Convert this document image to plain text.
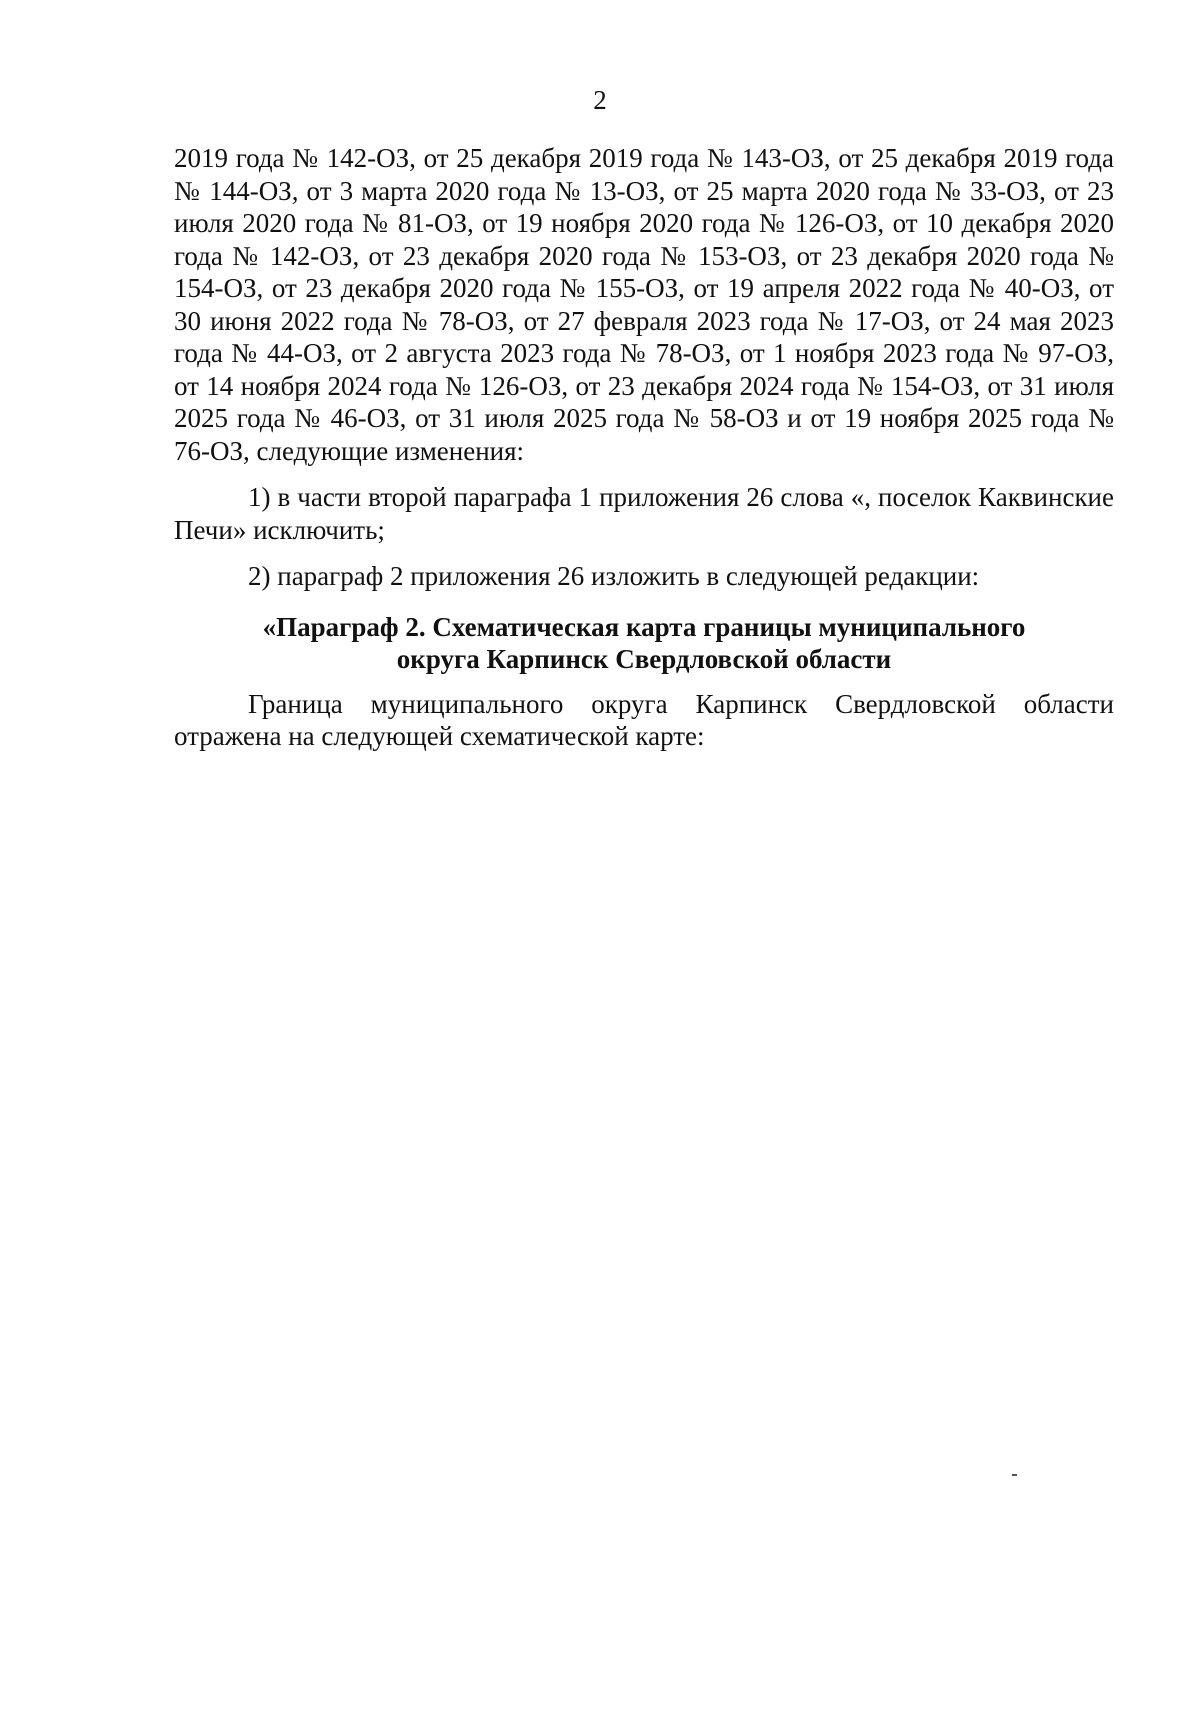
2

2019 года № 142-ОЗ, от 25 декабря 2019 года № 143-ОЗ, от 25 декабря 2019 года № 144-ОЗ, от 3 марта 2020 года № 13-ОЗ, от 25 марта 2020 года № 33-ОЗ, от 23 июля 2020 года № 81-ОЗ, от 19 ноября 2020 года № 126-ОЗ, от 10 декабря 2020 года № 142-ОЗ, от 23 декабря 2020 года № 153-ОЗ, от 23 декабря 2020 года № 154-ОЗ, от 23 декабря 2020 года № 155-ОЗ, от 19 апреля 2022 года № 40-ОЗ, от 30 июня 2022 года № 78-ОЗ, от 27 февраля 2023 года № 17-ОЗ, от 24 мая 2023 года № 44-ОЗ, от 2 августа 2023 года № 78-ОЗ, от 1 ноября 2023 года № 97-ОЗ, от 14 ноября 2024 года № 126-ОЗ, от 23 декабря 2024 года № 154-ОЗ, от 31 июля 2025 года № 46-ОЗ, от 31 июля 2025 года № 58-ОЗ и от 19 ноября 2025 года № 76-ОЗ, следующие изменения:

1) в части второй параграфа 1 приложения 26 слова «, поселок Каквинские Печи» исключить;

2) параграф 2 приложения 26 изложить в следующей редакции:

«Параграф 2. Схематическая карта границы муниципального
округа Карпинск Свердловской области

Граница муниципального округа Карпинск Свердловской области отражена на следующей схематической карте:
